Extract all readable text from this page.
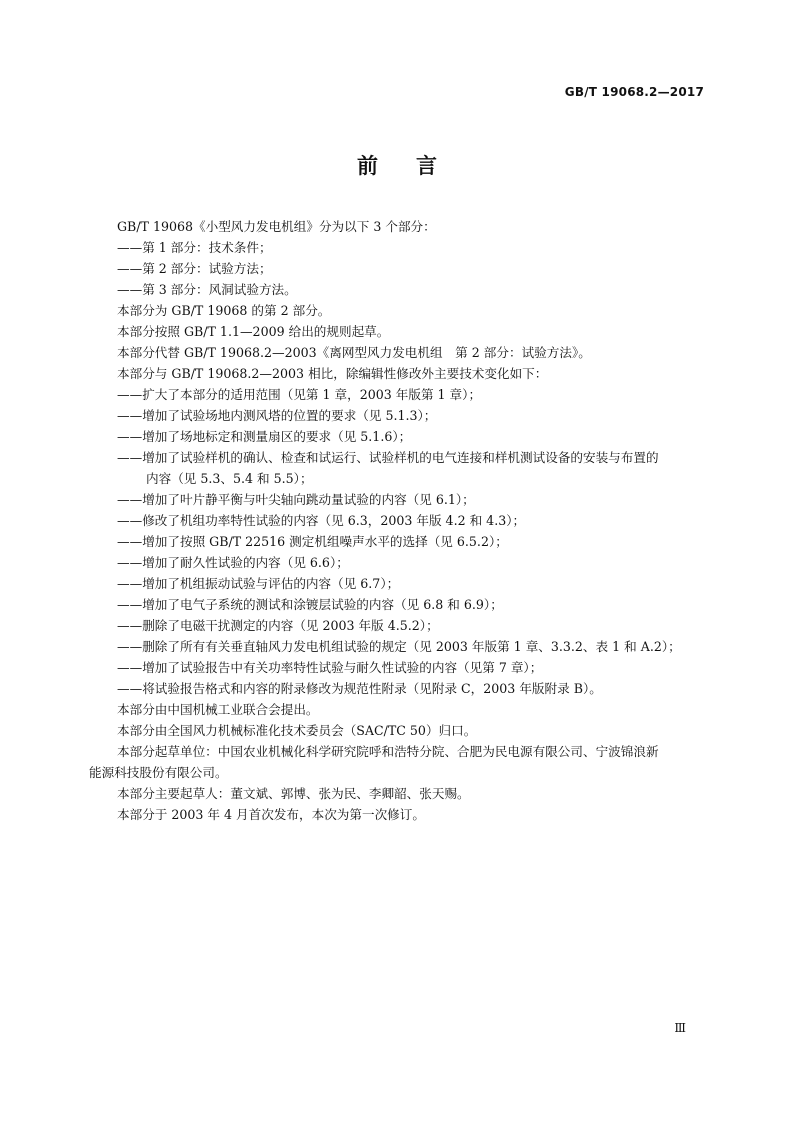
GB/T 19068.2—2017
前言
GB/T 19068《小型风力发电机组》分为以下 3 个部分：
——第 1 部分：技术条件；
——第 2 部分：试验方法；
——第 3 部分：风洞试验方法。
本部分为 GB/T 19068 的第 2 部分。
本部分按照 GB/T 1.1—2009 给出的规则起草。
本部分代替 GB/T 19068.2—2003《离网型风力发电机组　第 2 部分：试验方法》。
本部分与 GB/T 19068.2—2003 相比，除编辑性修改外主要技术变化如下：
——扩大了本部分的适用范围（见第 1 章，2003 年版第 1 章）；
——增加了试验场地内测风塔的位置的要求（见 5.1.3）；
——增加了场地标定和测量扇区的要求（见 5.1.6）；
——增加了试验样机的确认、检查和试运行、试验样机的电气连接和样机测试设备的安装与布置的
内容（见 5.3、5.4 和 5.5）；
——增加了叶片静平衡与叶尖轴向跳动量试验的内容（见 6.1）；
——修改了机组功率特性试验的内容（见 6.3，2003 年版 4.2 和 4.3）；
——增加了按照 GB/T 22516 测定机组噪声水平的选择（见 6.5.2）；
——增加了耐久性试验的内容（见 6.6）；
——增加了机组振动试验与评估的内容（见 6.7）；
——增加了电气子系统的测试和涂镀层试验的内容（见 6.8 和 6.9）；
——删除了电磁干扰测定的内容（见 2003 年版 4.5.2）；
——删除了所有有关垂直轴风力发电机组试验的规定（见 2003 年版第 1 章、3.3.2、表 1 和 A.2）；
——增加了试验报告中有关功率特性试验与耐久性试验的内容（见第 7 章）；
——将试验报告格式和内容的附录修改为规范性附录（见附录 C，2003 年版附录 B）。
本部分由中国机械工业联合会提出。
本部分由全国风力机械标准化技术委员会（SAC/TC 50）归口。
本部分起草单位：中国农业机械化科学研究院呼和浩特分院、合肥为民电源有限公司、宁波锦浪新
能源科技股份有限公司。
本部分主要起草人：董文斌、郭博、张为民、李卿韶、张天赐。
本部分于 2003 年 4 月首次发布，本次为第一次修订。
Ⅲ
